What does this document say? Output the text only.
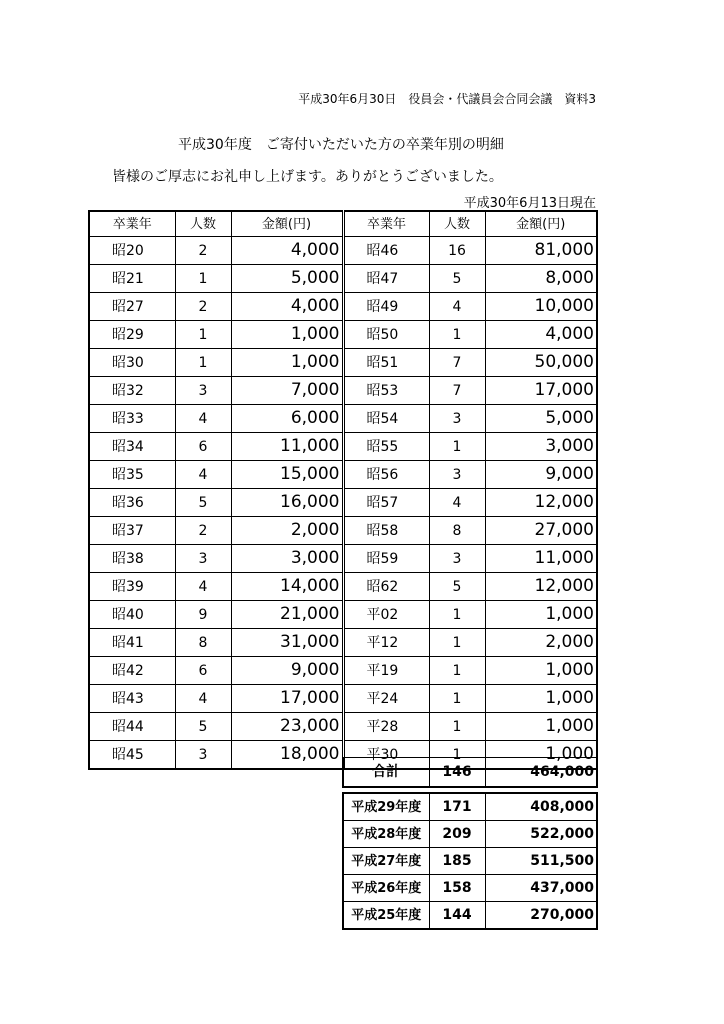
平成30年6月30日　役員会・代議員会合同会議　資料3
平成30年度　ご寄付いただいた方の卒業年別の明細
皆様のご厚志にお礼申し上げます。ありがとうございました。
平成30年6月13日現在
卒業年	人数	金額(円)	卒業年	人数	金額(円)
昭20	2	4,000	昭46	16	81,000
昭21	1	5,000	昭47	5	8,000
昭27	2	4,000	昭49	4	10,000
昭29	1	1,000	昭50	1	4,000
昭30	1	1,000	昭51	7	50,000
昭32	3	7,000	昭53	7	17,000
昭33	4	6,000	昭54	3	5,000
昭34	6	11,000	昭55	1	3,000
昭35	4	15,000	昭56	3	9,000
昭36	5	16,000	昭57	4	12,000
昭37	2	2,000	昭58	8	27,000
昭38	3	3,000	昭59	3	11,000
昭39	4	14,000	昭62	5	12,000
昭40	9	21,000	平02	1	1,000
昭41	8	31,000	平12	1	2,000
昭42	6	9,000	平19	1	1,000
昭43	4	17,000	平24	1	1,000
昭44	5	23,000	平28	1	1,000
昭45	3	18,000	平30	1	1,000
合計	146	464,000
平成29年度	171	408,000
平成28年度	209	522,000
平成27年度	185	511,500
平成26年度	158	437,000
平成25年度	144	270,000
